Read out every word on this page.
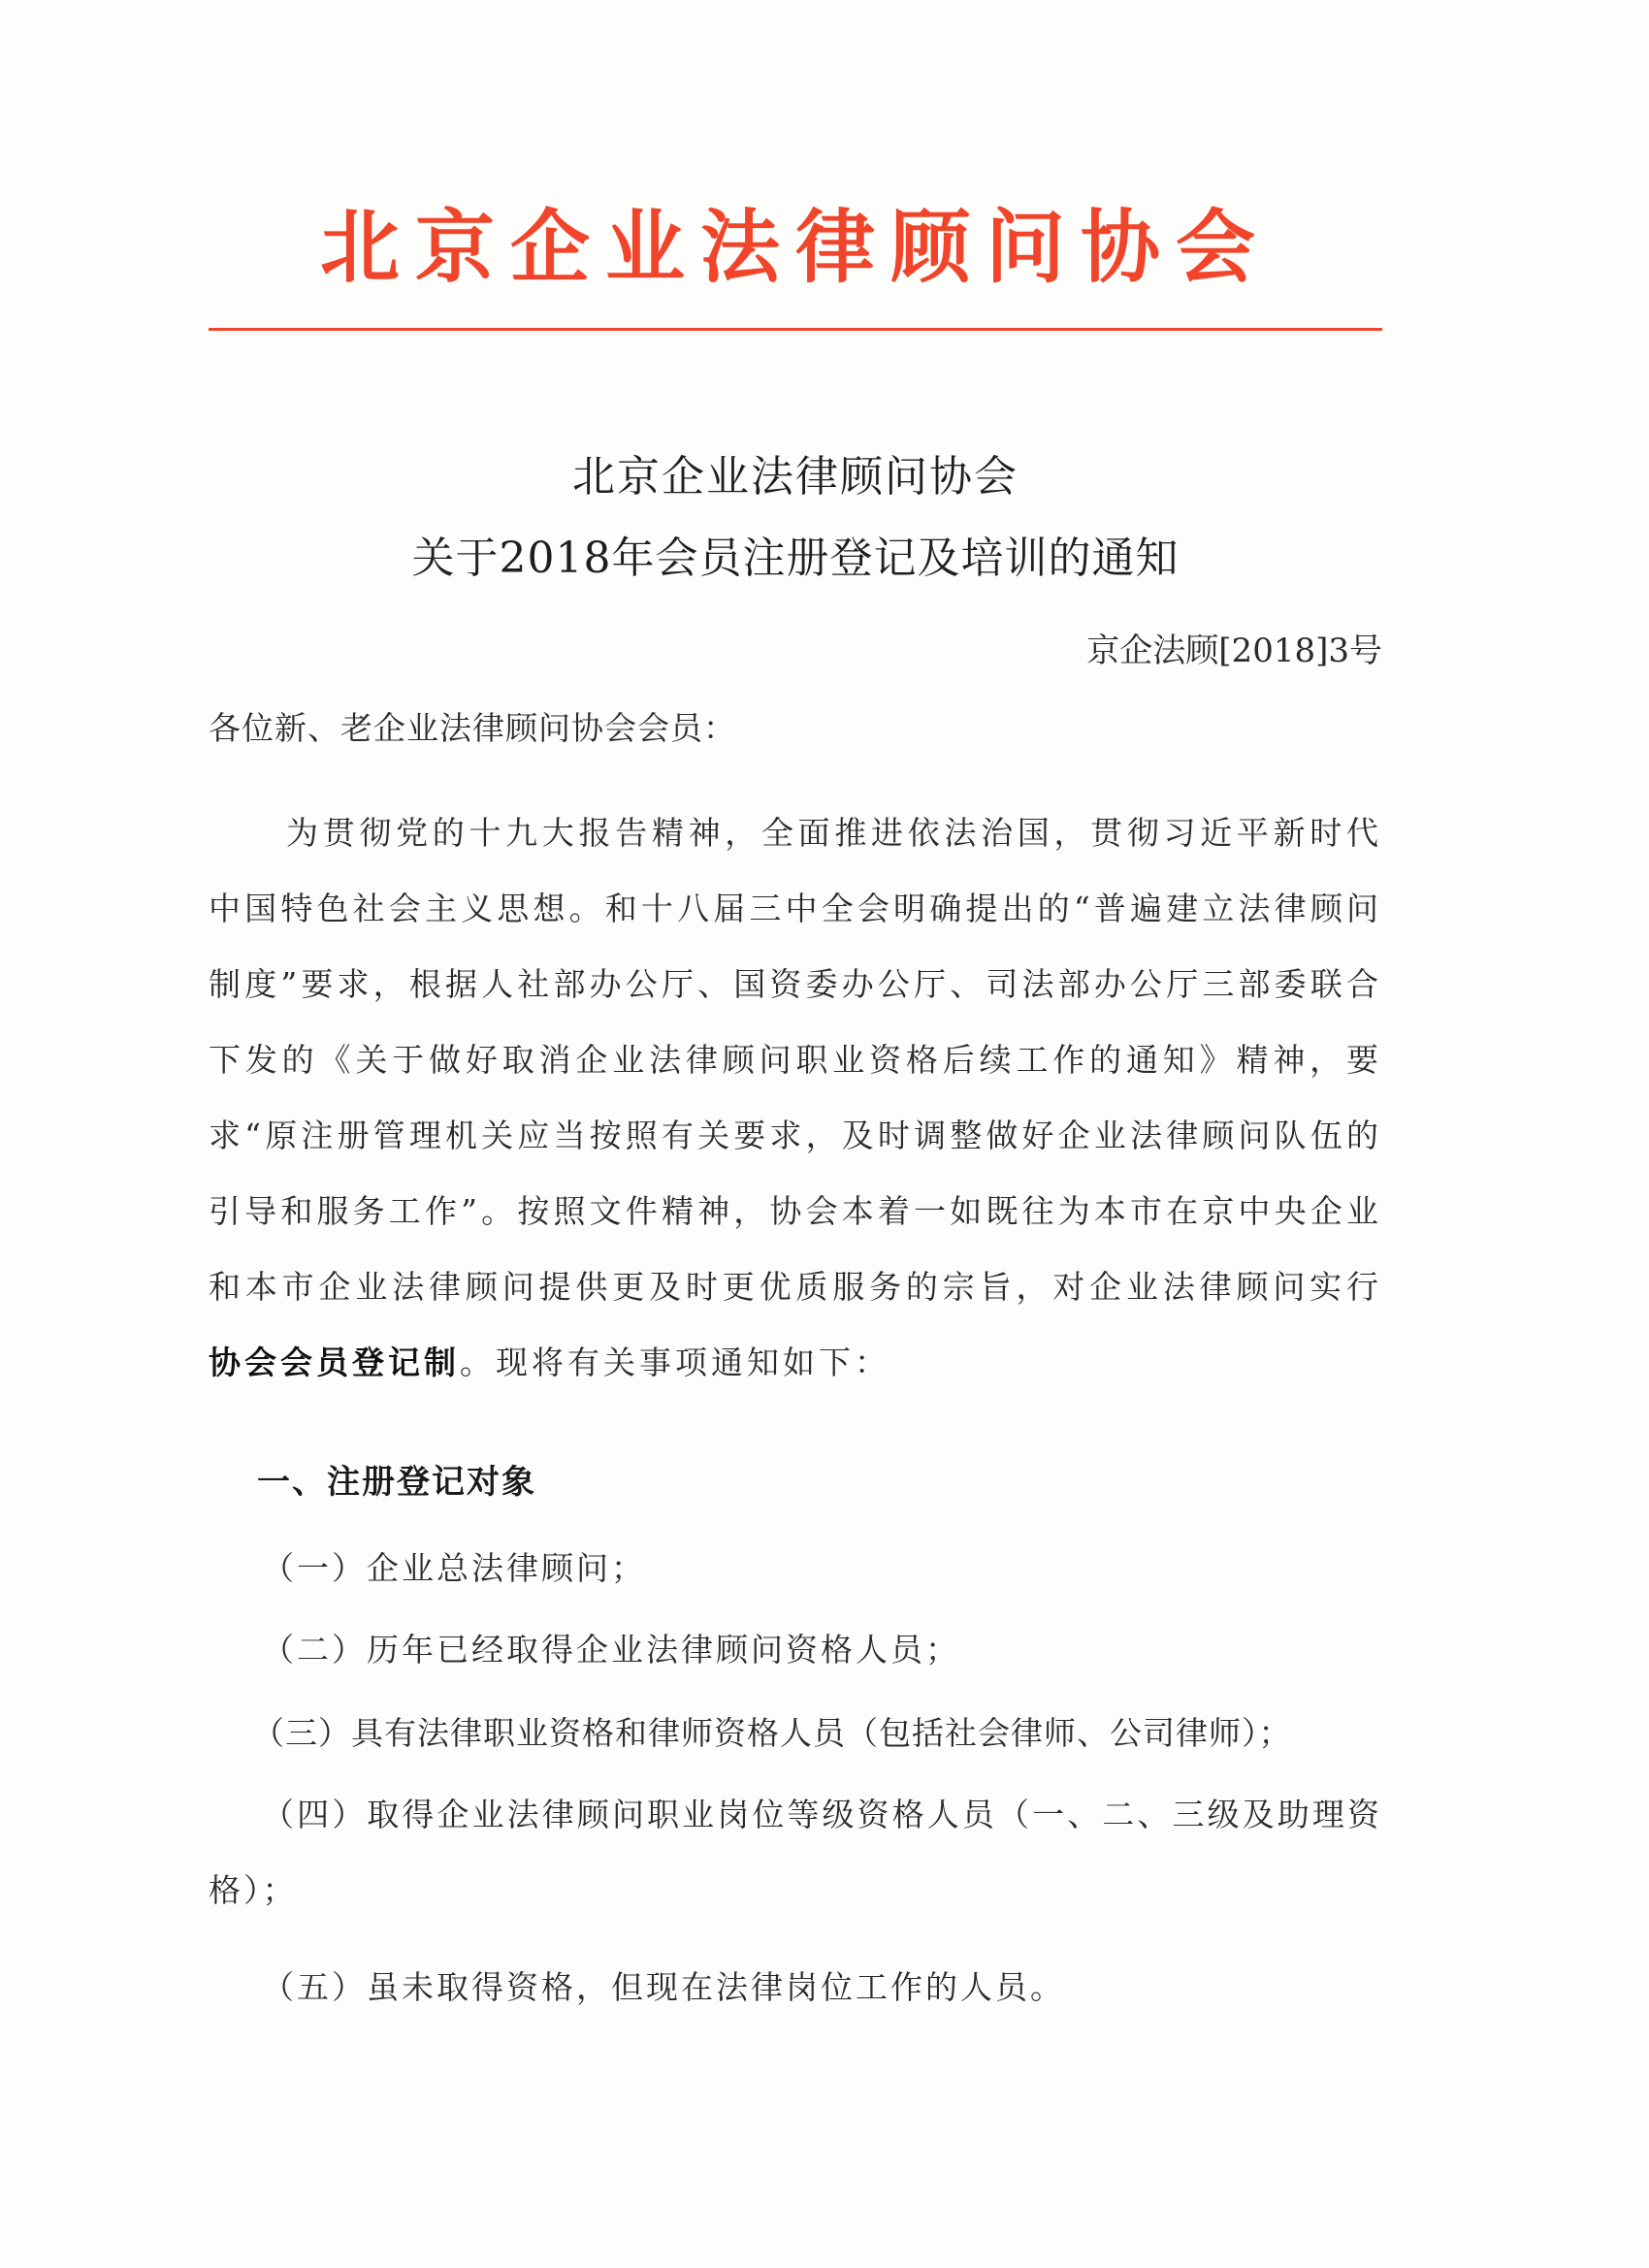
北京企业法律顾问协会
北京企业法律顾问协会
关于2018年会员注册登记及培训的通知
京企法顾[2018]3号
各位新、老企业法律顾问协会会员：
为贯彻党的十九大报告精神，全面推进依法治国，贯彻习近平新时代中国特色社会主义思想。和十八届三中全会明确提出的“普遍建立法律顾问制度”要求，根据人社部办公厅、国资委办公厅、司法部办公厅三部委联合下发的《关于做好取消企业法律顾问职业资格后续工作的通知》精神，要求“原注册管理机关应当按照有关要求，及时调整做好企业法律顾问队伍的引导和服务工作”。按照文件精神，协会本着一如既往为本市在京中央企业和本市企业法律顾问提供更及时更优质服务的宗旨，对企业法律顾问实行协会会员登记制。现将有关事项通知如下：
一、注册登记对象
（一）企业总法律顾问；
（二）历年已经取得企业法律顾问资格人员；
（三）具有法律职业资格和律师资格人员（包括社会律师、公司律师）；
（四）取得企业法律顾问职业岗位等级资格人员（一、二、三级及助理资格）；
（五）虽未取得资格，但现在法律岗位工作的人员。
